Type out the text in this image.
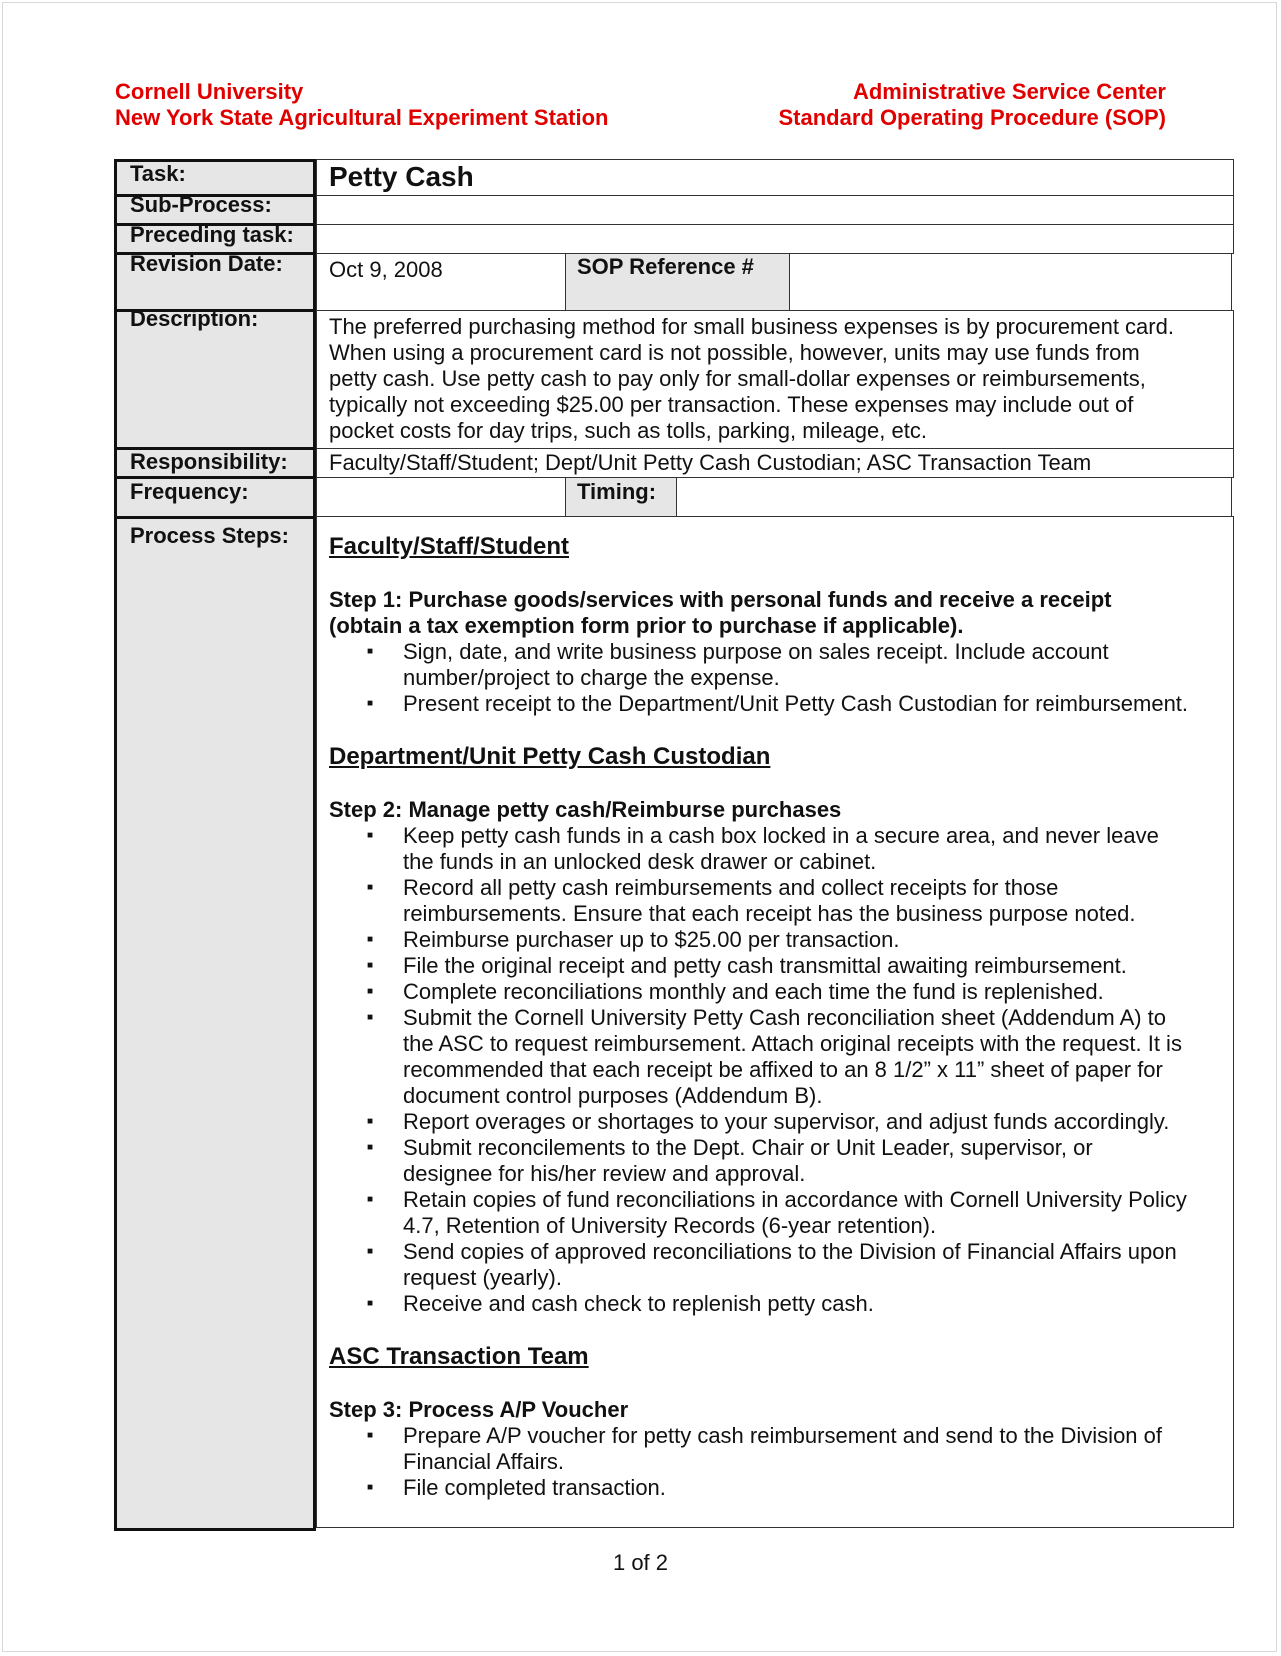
Cornell University
New York State Agricultural Experiment Station
Administrative Service Center
Standard Operating Procedure (SOP)
Task:
Sub-Process:
Preceding task:
Revision Date:
Description:
Responsibility:
Frequency:
Process Steps:
Petty Cash
Oct 9, 2008	SOP Reference #

The preferred purchasing method for small business expenses is by procurement card.

When using a procurement card is not possible, however, units may use funds from

petty cash. Use petty cash to pay only for small-dollar expenses or reimbursements,

typically not exceeding $25.00 per transaction. These expenses may include out of

pocket costs for day trips, such as tolls, parking, mileage, etc.

Faculty/Staff/Student; Dept/Unit Petty Cash Custodian; ASC Transaction Team
Timing:
Faculty/Staff/Student
Step 1: Purchase goods/services with personal funds and receive a receipt
(obtain a tax exemption form prior to purchase if applicable).
■ Sign, date, and write business purpose on sales receipt. Include account
number/project to charge the expense.
■ Present receipt to the Department/Unit Petty Cash Custodian for reimbursement.
Department/Unit Petty Cash Custodian
Step 2: Manage petty cash/Reimburse purchases
■ Keep petty cash funds in a cash box locked in a secure area, and never leave
the funds in an unlocked desk drawer or cabinet.
■ Record all petty cash reimbursements and collect receipts for those
reimbursements. Ensure that each receipt has the business purpose noted.
■ Reimburse purchaser up to $25.00 per transaction.
■ File the original receipt and petty cash transmittal awaiting reimbursement.
■ Complete reconciliations monthly and each time the fund is replenished.
■ Submit the Cornell University Petty Cash reconciliation sheet (Addendum A) to
the ASC to request reimbursement. Attach original receipts with the request. It is
recommended that each receipt be affixed to an 8 1/2” x 11” sheet of paper for
document control purposes (Addendum B).
■ Report overages or shortages to your supervisor, and adjust funds accordingly.
■ Submit reconcilements to the Dept. Chair or Unit Leader, supervisor, or
designee for his/her review and approval.
■ Retain copies of fund reconciliations in accordance with Cornell University Policy
4.7, Retention of University Records (6-year retention).
■ Send copies of approved reconciliations to the Division of Financial Affairs upon
request (yearly).
■ Receive and cash check to replenish petty cash.
ASC Transaction Team
Step 3: Process A/P Voucher
■ Prepare A/P voucher for petty cash reimbursement and send to the Division of
Financial Affairs.
■ File completed transaction.
1 of 2
